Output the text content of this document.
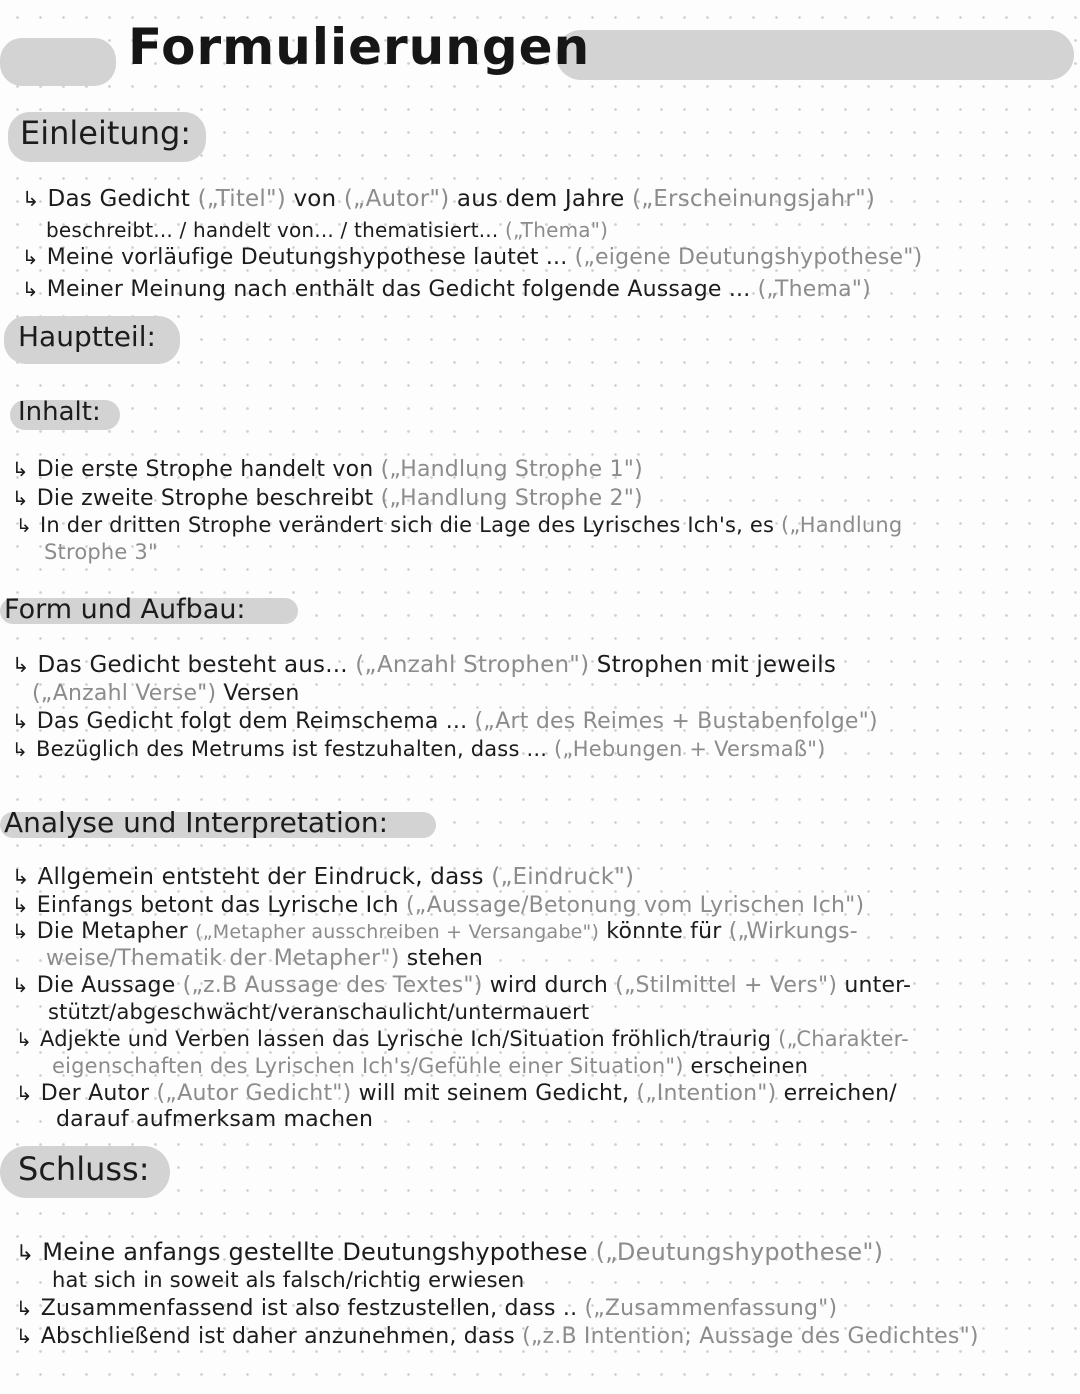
Formulierungen
Einleitung:
↳ Das Gedicht („Titel") von („Autor") aus dem Jahre („Erscheinungsjahr")
beschreibt... / handelt von... / thematisiert... („Thema")
↳ Meine vorläufige Deutungshypothese lautet ... („eigene Deutungshypothese")
↳ Meiner Meinung nach enthält das Gedicht folgende Aussage ... („Thema")
Hauptteil:
Inhalt:
↳ Die erste Strophe handelt von („Handlung Strophe 1")
↳ Die zweite Strophe beschreibt („Handlung Strophe 2")
↳ In der dritten Strophe verändert sich die Lage des Lyrisches Ich's, es („Handlung
Strophe 3"
Form und Aufbau:
↳ Das Gedicht besteht aus... („Anzahl Strophen") Strophen mit jeweils
(„Anzahl Verse") Versen
↳ Das Gedicht folgt dem Reimschema ... („Art des Reimes + Bustabenfolge")
↳ Bezüglich des Metrums ist festzuhalten, dass ... („Hebungen + Versmaß")
Analyse und Interpretation:
↳ Allgemein entsteht der Eindruck, dass („Eindruck")
↳ Einfangs betont das Lyrische Ich („Aussage/Betonung vom Lyrischen Ich")
↳ Die Metapher („Metapher ausschreiben + Versangabe") könnte für („Wirkungs-
weise/Thematik der Metapher") stehen
↳ Die Aussage („z.B Aussage des Textes") wird durch („Stilmittel + Vers") unter-
stützt/abgeschwächt/veranschaulicht/untermauert
↳ Adjekte und Verben lassen das Lyrische Ich/Situation fröhlich/traurig („Charakter-
eigenschaften des Lyrischen Ich's/Gefühle einer Situation") erscheinen
↳ Der Autor („Autor Gedicht") will mit seinem Gedicht, („Intention") erreichen/
darauf aufmerksam machen
Schluss:
↳ Meine anfangs gestellte Deutungshypothese („Deutungshypothese")
hat sich in soweit als falsch/richtig erwiesen
↳ Zusammenfassend ist also festzustellen, dass .. („Zusammenfassung")
↳ Abschließend ist daher anzunehmen, dass („z.B Intention; Aussage des Gedichtes")
